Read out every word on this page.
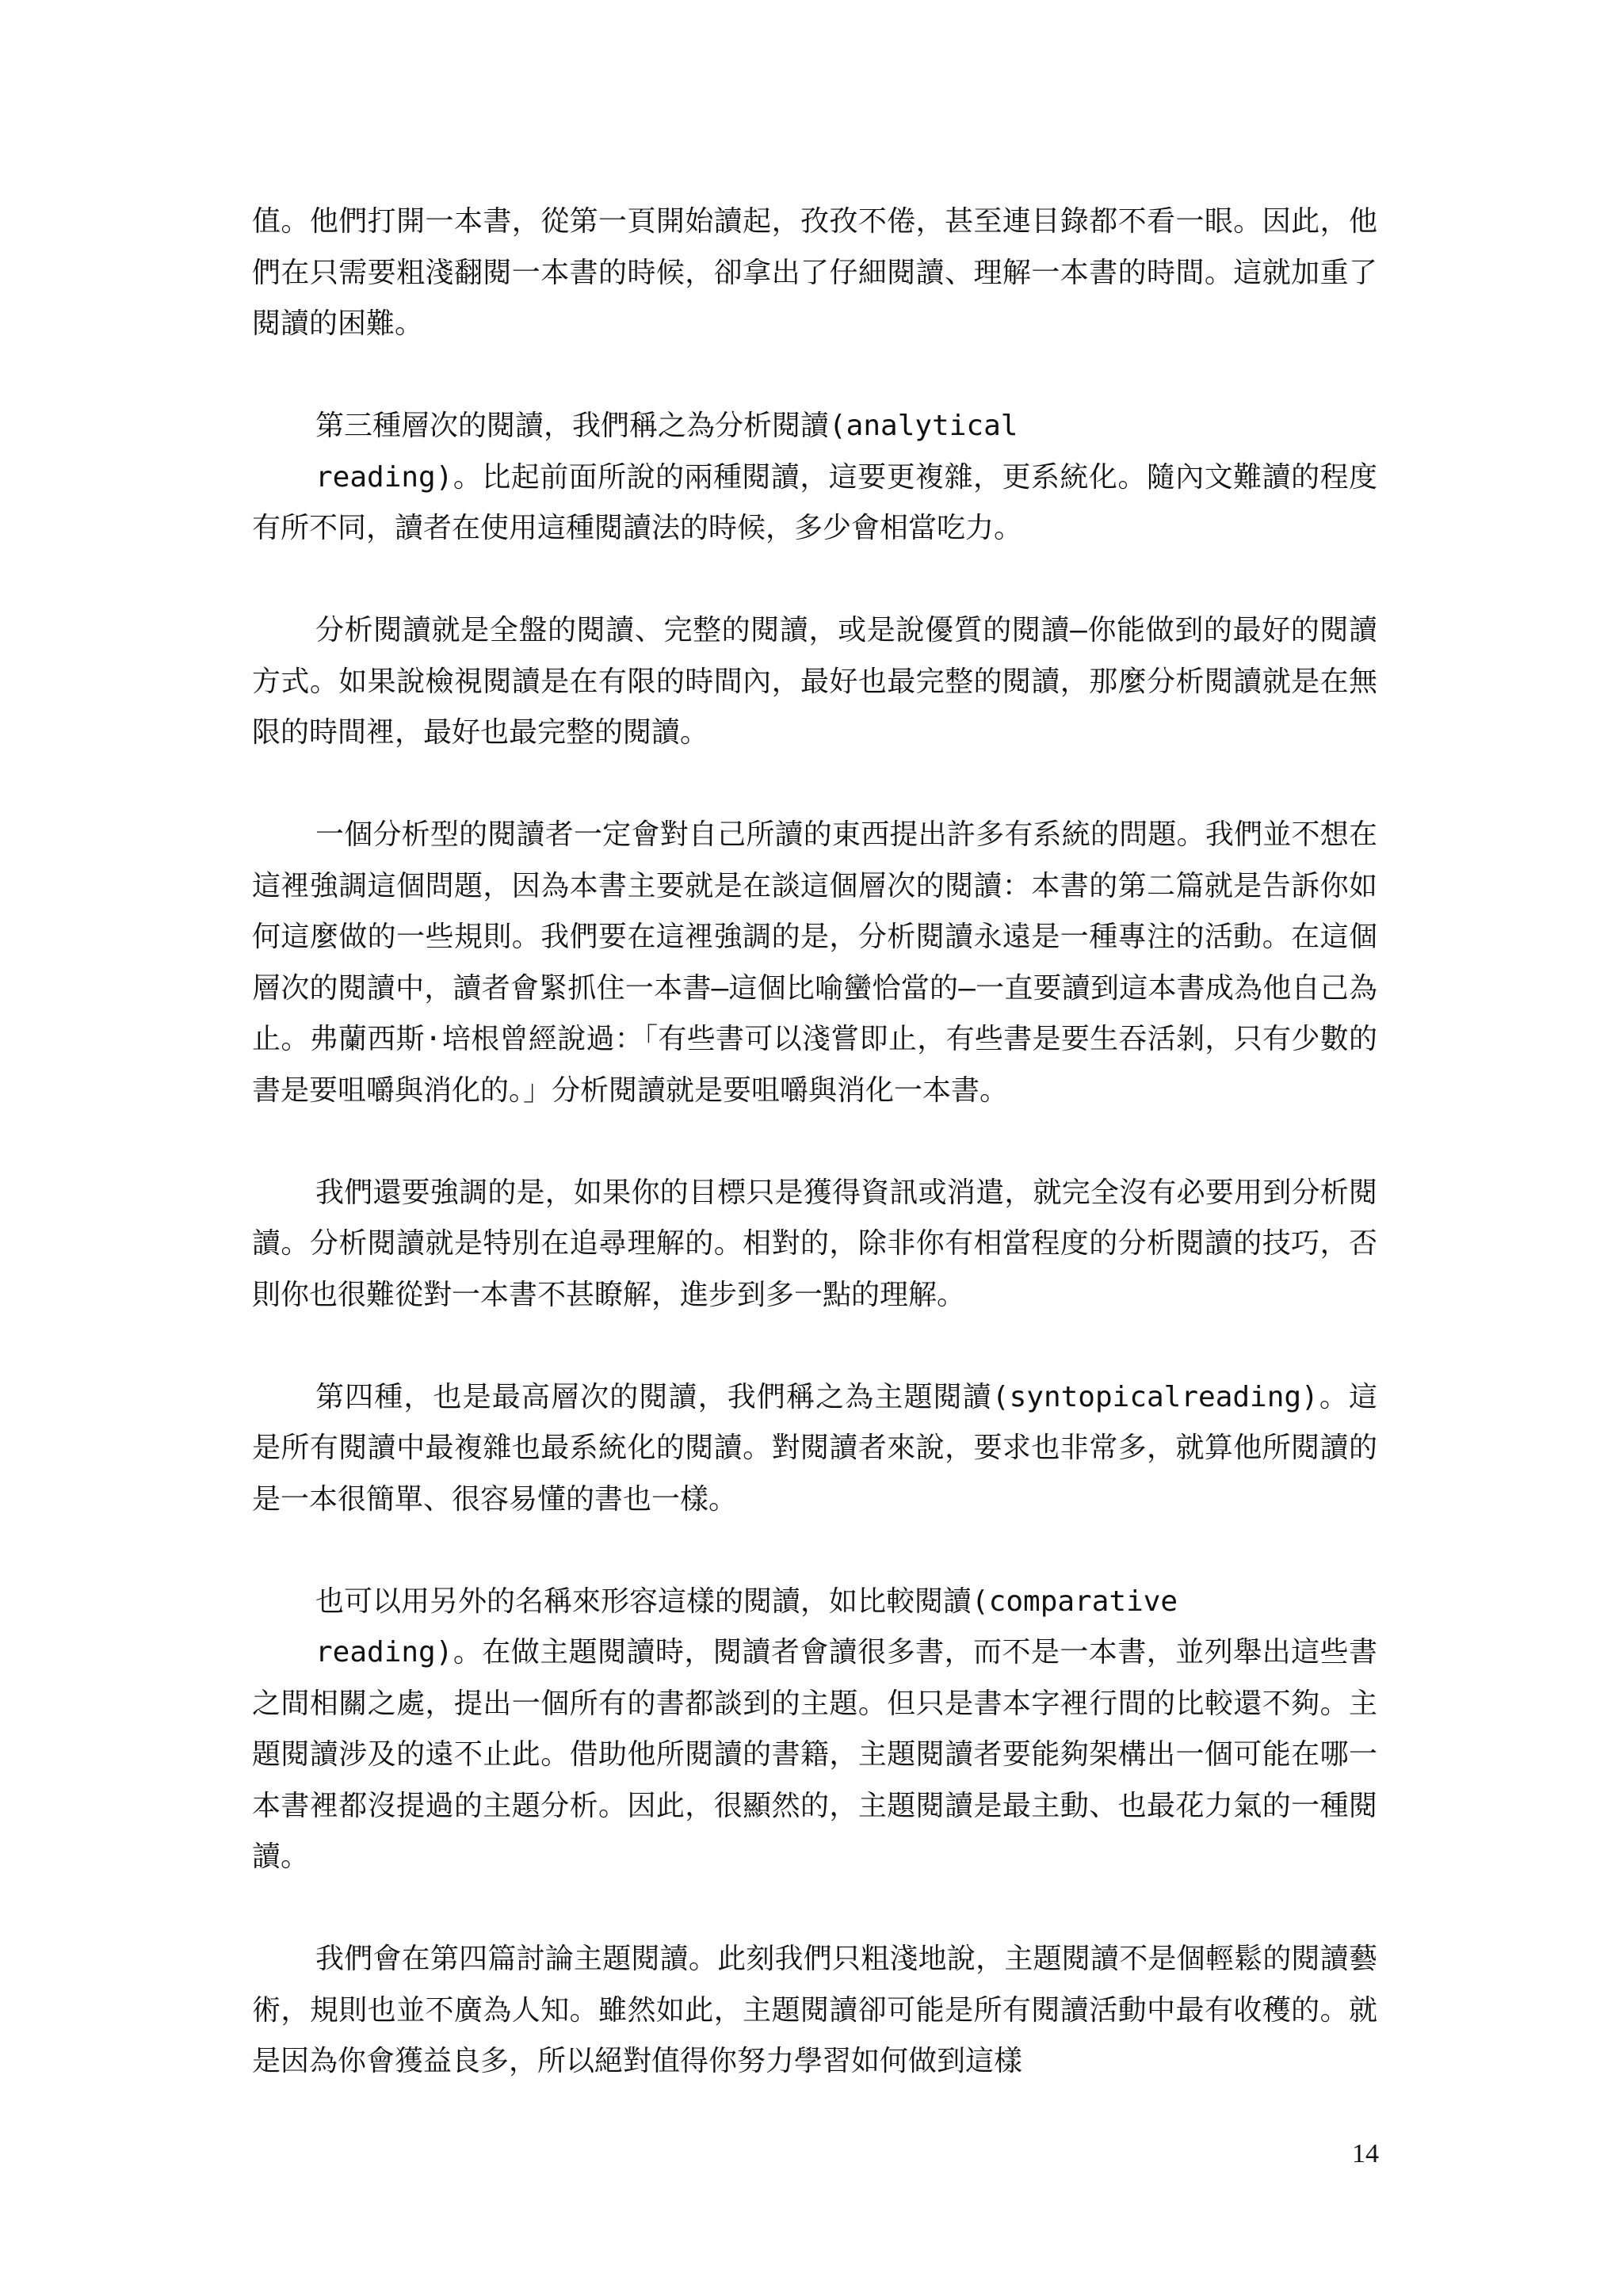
值。他們打開一本書，從第一頁開始讀起，孜孜不倦，甚至連目錄都不看一眼。因此，他們在只需要粗淺翻閱一本書的時候，卻拿出了仔細閱讀、理解一本書的時間。這就加重了閱讀的困難。

第三種層次的閱讀，我們稱之為分析閱讀(analytical
reading)。比起前面所說的兩種閱讀，這要更複雜，更系統化。隨內文難讀的程度有所不同，讀者在使用這種閱讀法的時候，多少會相當吃力。

分析閱讀就是全盤的閱讀、完整的閱讀，或是說優質的閱讀—你能做到的最好的閱讀方式。如果說檢視閱讀是在有限的時間內，最好也最完整的閱讀，那麼分析閱讀就是在無限的時間裡，最好也最完整的閱讀。

一個分析型的閱讀者一定會對自己所讀的東西提出許多有系統的問題。我們並不想在這裡強調這個問題，因為本書主要就是在談這個層次的閱讀：本書的第二篇就是告訴你如何這麼做的一些規則。我們要在這裡強調的是，分析閱讀永遠是一種專注的活動。在這個層次的閱讀中，讀者會緊抓住一本書—這個比喻蠻恰當的—一直要讀到這本書成為他自己為止。弗蘭西斯·培根曾經說過：「有些書可以淺嘗即止，有些書是要生吞活剝，只有少數的書是要咀嚼與消化的。」分析閱讀就是要咀嚼與消化一本書。

我們還要強調的是，如果你的目標只是獲得資訊或消遣，就完全沒有必要用到分析閱讀。分析閱讀就是特別在追尋理解的。相對的，除非你有相當程度的分析閱讀的技巧，否則你也很難從對一本書不甚瞭解，進步到多一點的理解。

第四種，也是最高層次的閱讀，我們稱之為主題閱讀(syntopicalreading)。這是所有閱讀中最複雜也最系統化的閱讀。對閱讀者來說，要求也非常多，就算他所閱讀的是一本很簡單、很容易懂的書也一樣。

也可以用另外的名稱來形容這樣的閱讀，如比較閱讀(comparative
reading)。在做主題閱讀時，閱讀者會讀很多書，而不是一本書，並列舉出這些書之間相關之處，提出一個所有的書都談到的主題。但只是書本字裡行間的比較還不夠。主題閱讀涉及的遠不止此。借助他所閱讀的書籍，主題閱讀者要能夠架構出一個可能在哪一本書裡都沒提過的主題分析。因此，很顯然的，主題閱讀是最主動、也最花力氣的一種閱讀。

我們會在第四篇討論主題閱讀。此刻我們只粗淺地說，主題閱讀不是個輕鬆的閱讀藝術，規則也並不廣為人知。雖然如此，主題閱讀卻可能是所有閱讀活動中最有收穫的。就是因為你會獲益良多，所以絕對值得你努力學習如何做到這樣

14
